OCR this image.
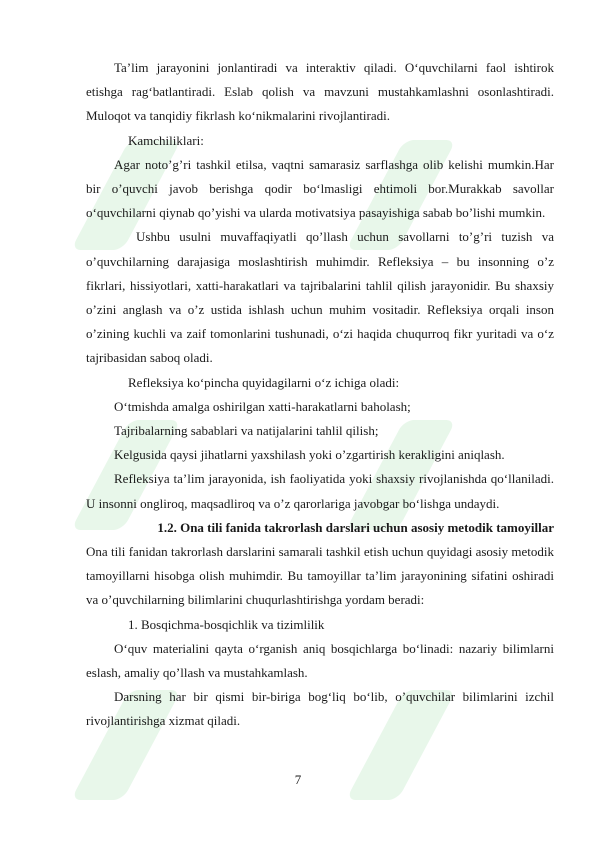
Ta’lim jarayonini jonlantiradi va interaktiv qiladi. O‘quvchilarni faol ishtirok etishga rag‘batlantiradi. Eslab qolish va mavzuni mustahkamlashni osonlashtiradi. Muloqot va tanqidiy fikrlash ko‘nikmalarini rivojlantiradi.

Kamchiliklari:

Agar noto’g’ri tashkil etilsa, vaqtni samarasiz sarflashga olib kelishi mumkin.Har bir o’quvchi javob berishga qodir bo‘lmasligi ehtimoli bor.Murakkab savollar o‘quvchilarni qiynab qo’yishi va ularda motivatsiya pasayishiga sabab bo’lishi mumkin.

Ushbu usulni muvaffaqiyatli qo’llash uchun savollarni to’g’ri tuzish va o’quvchilarning darajasiga moslashtirish muhimdir. Refleksiya – bu insonning o’z fikrlari, hissiyotlari, xatti-harakatlari va tajribalarini tahlil qilish jarayonidir. Bu shaxsiy o’zini anglash va o’z ustida ishlash uchun muhim vositadir. Refleksiya orqali inson o’zining kuchli va zaif tomonlarini tushunadi, o‘zi haqida chuqurroq fikr yuritadi va o‘z tajribasidan saboq oladi.

Refleksiya ko‘pincha quyidagilarni o‘z ichiga oladi:

O‘tmishda amalga oshirilgan xatti-harakatlarni baholash;

Tajribalarning sabablari va natijalarini tahlil qilish;

Kelgusida qaysi jihatlarni yaxshilash yoki o’zgartirish kerakligini aniqlash.

Refleksiya ta’lim jarayonida, ish faoliyatida yoki shaxsiy rivojlanishda qo‘llaniladi. U insonni ongliroq, maqsadliroq va o’z qarorlariga javobgar bo‘lishga undaydi.

1.2. Ona tili fanida takrorlash darslari uchun asosiy metodik tamoyillar

Ona tili fanidan takrorlash darslarini samarali tashkil etish uchun quyidagi asosiy metodik tamoyillarni hisobga olish muhimdir. Bu tamoyillar ta’lim jarayonining sifatini oshiradi va o’quvchilarning bilimlarini chuqurlashtirishga yordam beradi:

1. Bosqichma-bosqichlik va tizimlilik

O‘quv materialini qayta o‘rganish aniq bosqichlarga bo‘linadi: nazariy bilimlarni eslash, amaliy qo’llash va mustahkamlash.

Darsning har bir qismi bir-biriga bog‘liq bo‘lib, o’quvchilar bilimlarini izchil rivojlantirishga xizmat qiladi.

7
